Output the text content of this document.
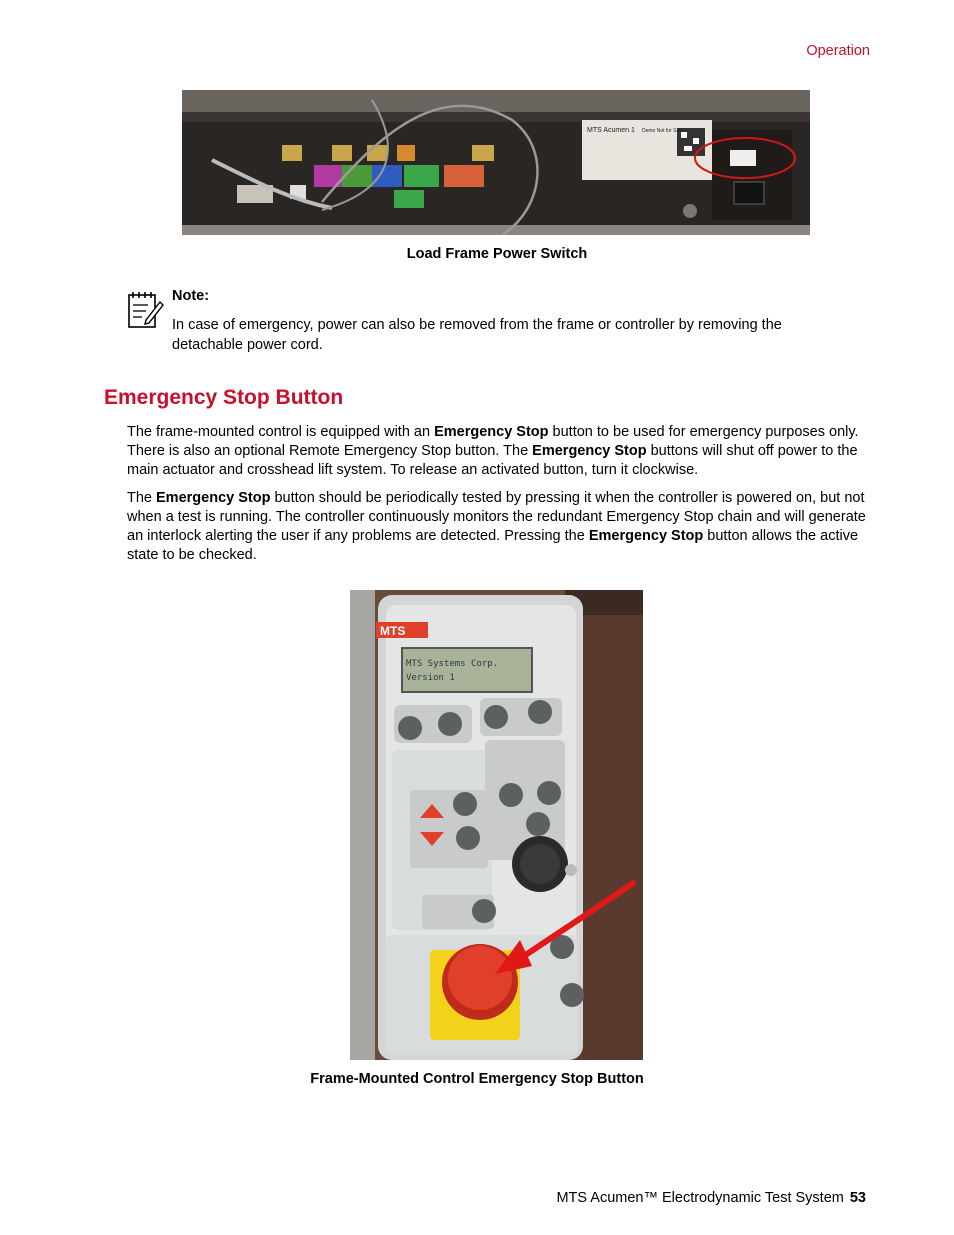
Operation
MTS Acumen 1 Demo Not for Sale
Load Frame Power Switch
Note:
In case of emergency, power can also be removed from the frame or controller by removing the detachable power cord.
Emergency Stop Button
The frame-mounted control is equipped with an Emergency Stop button to be used for emergency purposes only. There is also an optional Remote Emergency Stop button. The Emergency Stop buttons will shut off power to the main actuator and crosshead lift system. To release an activated button, turn it clockwise.
The Emergency Stop button should be periodically tested by pressing it when the controller is powered on, but not when a test is running. The controller continuously monitors the redundant Emergency Stop chain and will generate an interlock alerting the user if any problems are detected. Pressing the Emergency Stop button allows the active state to be checked.
MTS
MTS Systems Corp.
Version 1
Frame-Mounted Control Emergency Stop Button
MTS Acumen™ Electrodynamic Test System 53
